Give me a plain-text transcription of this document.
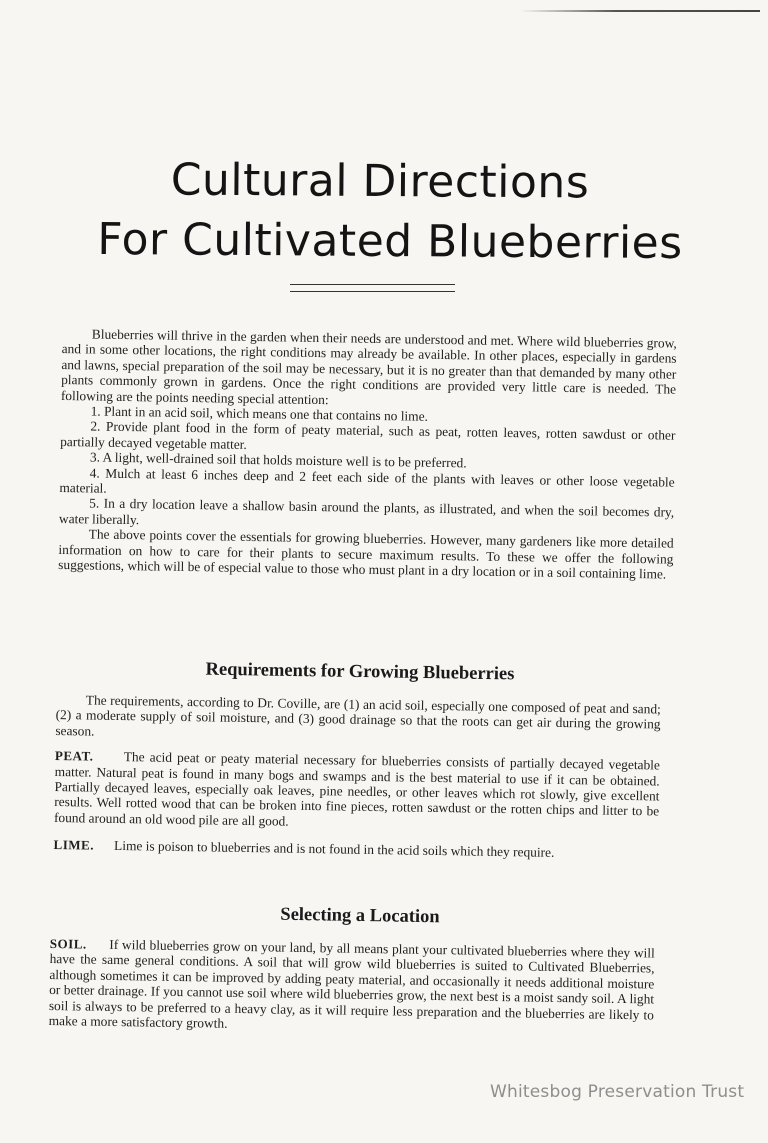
Cultural Directions
For Cultivated Blueberries

Blueberries will thrive in the garden when their needs are understood and met. Where wild blueberries grow, and in some other locations, the right conditions may already be available. In other places, especially in gardens and lawns, special preparation of the soil may be necessary, but it is no greater than that demanded by many other plants commonly grown in gardens. Once the right conditions are provided very little care is needed. The following are the points needing special attention:

1. Plant in an acid soil, which means one that contains no lime.

2. Provide plant food in the form of peaty material, such as peat, rotten leaves, rotten sawdust or other partially decayed vegetable matter.

3. A light, well-drained soil that holds moisture well is to be preferred.

4. Mulch at least 6 inches deep and 2 feet each side of the plants with leaves or other loose vegetable material.

5. In a dry location leave a shallow basin around the plants, as illustrated, and when the soil becomes dry, water liberally.

The above points cover the essentials for growing blueberries. However, many gardeners like more detailed information on how to care for their plants to secure maximum results. To these we offer the following suggestions, which will be of especial value to those who must plant in a dry location or in a soil containing lime.

Requirements for Growing Blueberries

The requirements, according to Dr. Coville, are (1) an acid soil, especially one composed of peat and sand; (2) a moderate supply of soil moisture, and (3) good drainage so that the roots can get air during the growing season.

PEAT. The acid peat or peaty material necessary for blueberries consists of partially decayed vegetable matter. Natural peat is found in many bogs and swamps and is the best material to use if it can be obtained. Partially decayed leaves, especially oak leaves, pine needles, or other leaves which rot slowly, give excellent results. Well rotted wood that can be broken into fine pieces, rotten sawdust or the rotten chips and litter to be found around an old wood pile are all good.

LIME. Lime is poison to blueberries and is not found in the acid soils which they require.

Selecting a Location

SOIL. If wild blueberries grow on your land, by all means plant your cultivated blueberries where they will have the same general conditions. A soil that will grow wild blueberries is suited to Cultivated Blueberries, although sometimes it can be improved by adding peaty material, and occasionally it needs additional moisture or better drainage. If you cannot use soil where wild blueberries grow, the next best is a moist sandy soil. A light soil is always to be preferred to a heavy clay, as it will require less preparation and the blueberries are likely to make a more satisfactory growth.

Whitesbog Preservation Trust
